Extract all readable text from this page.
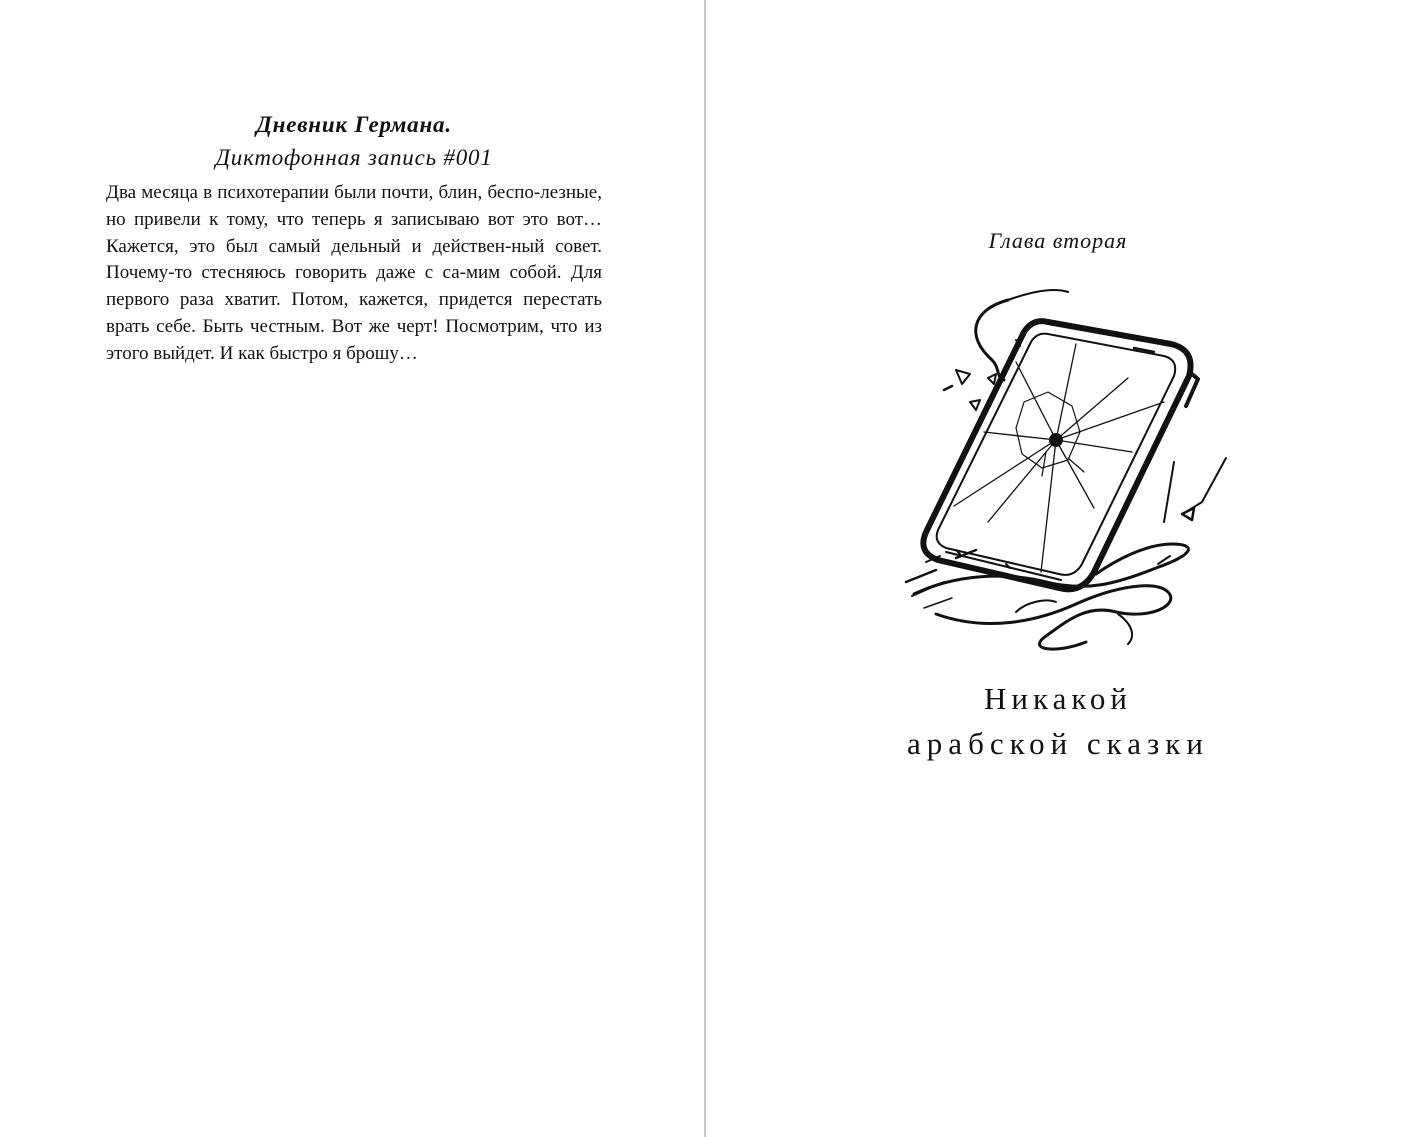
Дневник Германа.
Диктофонная запись #001

Два месяца в психотерапии были почти, блин, беспо-лезные, но привели к тому, что теперь я записываю вот это вот… Кажется, это был самый дельный и действен-ный совет. Почему-то стесняюсь говорить даже с са-мим собой. Для первого раза хватит. Потом, кажется, придется перестать врать себе. Быть честным. Вот же черт! Посмотрим, что из этого выйдет. И как быстро я брошу…

Глава вторая
Никакой
арабской сказки
